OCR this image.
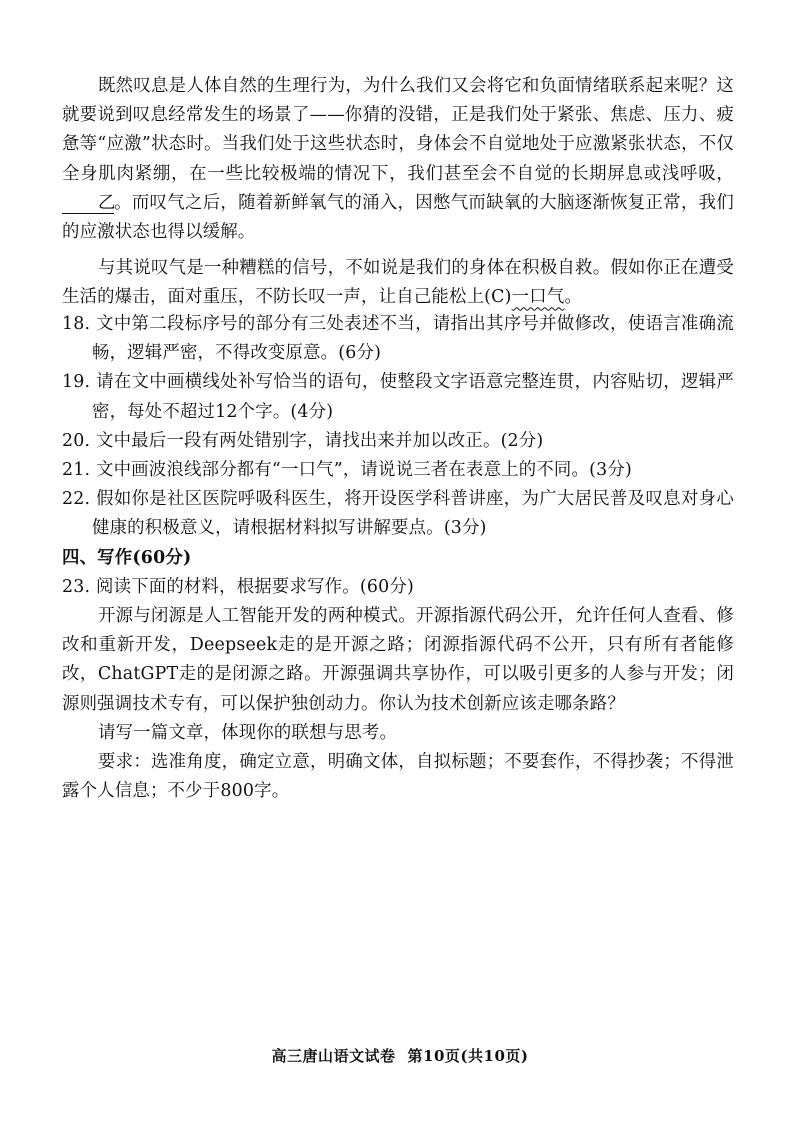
既然叹息是人体自然的生理行为，为什么我们又会将它和负面情绪联系起来呢？这就要说到叹息经常发生的场景了——你猜的没错，正是我们处于紧张、焦虑、压力、疲惫等“应激”状态时。当我们处于这些状态时，身体会不自觉地处于应激紧张状态，不仅全身肌肉紧绷，在一些比较极端的情况下，我们甚至会不自觉的长期屏息或浅呼吸，乙。而叹气之后，随着新鲜氧气的涌入，因憋气而缺氧的大脑逐渐恢复正常，我们的应激状态也得以缓解。

与其说叹气是一种糟糕的信号，不如说是我们的身体在积极自救。假如你正在遭受生活的爆击，面对重压，不防长叹一声，让自己能松上(C)一口气。

18. 文中第二段标序号的部分有三处表述不当，请指出其序号并做修改，使语言准确流畅，逻辑严密，不得改变原意。(6分)

19. 请在文中画横线处补写恰当的语句，使整段文字语意完整连贯，内容贴切，逻辑严密，每处不超过12个字。(4分)

20. 文中最后一段有两处错别字，请找出来并加以改正。(2分)

21. 文中画波浪线部分都有“一口气”，请说说三者在表意上的不同。(3分)

22. 假如你是社区医院呼吸科医生，将开设医学科普讲座，为广大居民普及叹息对身心健康的积极意义，请根据材料拟写讲解要点。(3分)

四、写作(60分)

23. 阅读下面的材料，根据要求写作。(60分)

开源与闭源是人工智能开发的两种模式。开源指源代码公开，允许任何人查看、修改和重新开发，Deepseek走的是开源之路；闭源指源代码不公开，只有所有者能修改，ChatGPT走的是闭源之路。开源强调共享协作，可以吸引更多的人参与开发；闭源则强调技术专有，可以保护独创动力。你认为技术创新应该走哪条路？

请写一篇文章，体现你的联想与思考。

要求：选准角度，确定立意，明确文体，自拟标题；不要套作，不得抄袭；不得泄露个人信息；不少于800字。

高三唐山语文试卷 第10页(共10页)
